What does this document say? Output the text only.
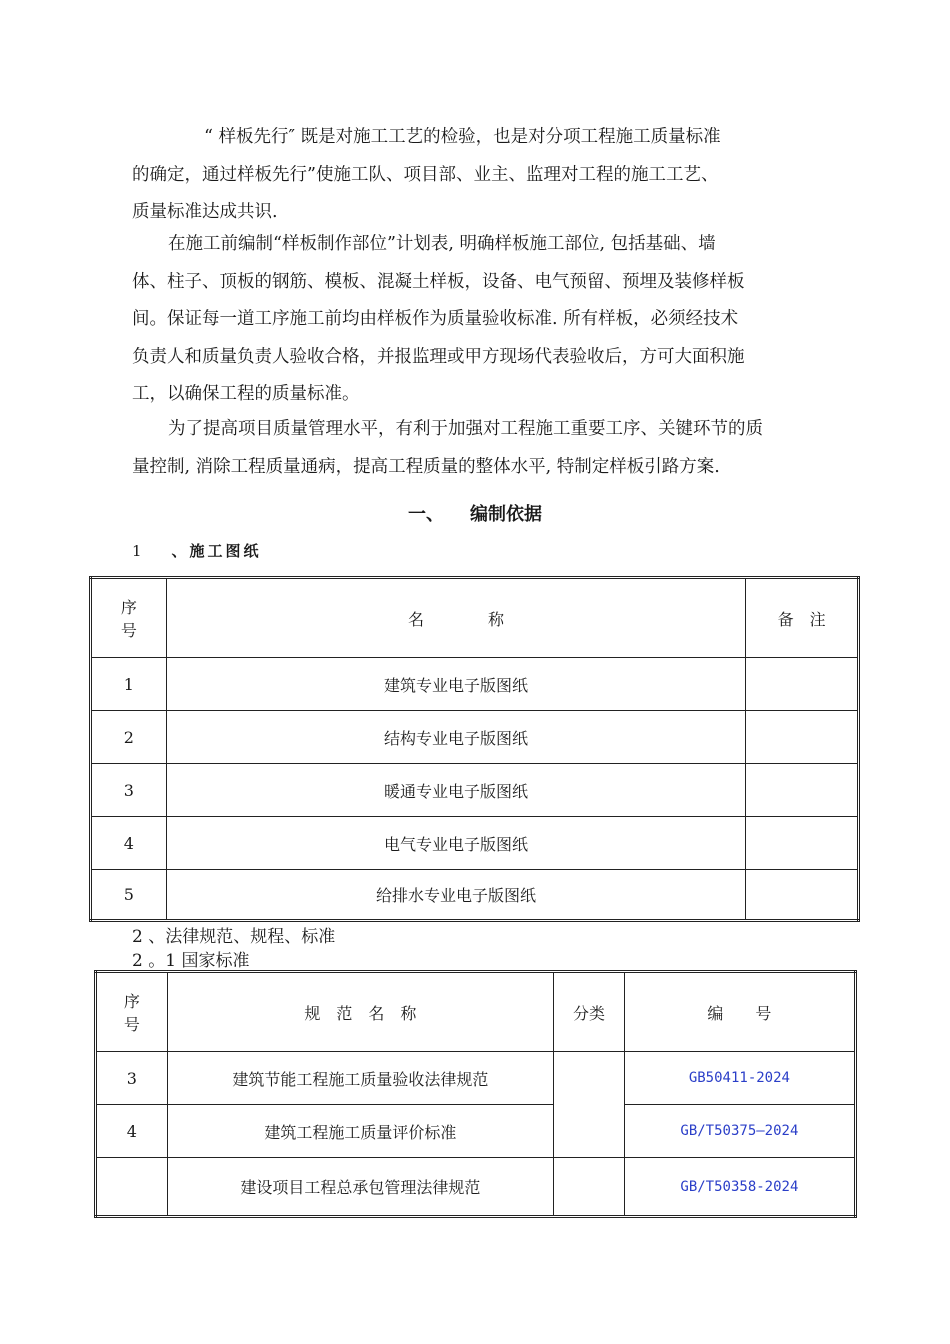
“ 样板先行″ 既是对施工工艺的检验，也是对分项工程施工质量标准
的确定，通过样板先行”使施工队、项目部、业主、监理对工程的施工工艺、
质量标准达成共识.
在施工前编制“样板制作部位”计划表, 明确样板施工部位, 包括基础、墙
体、柱子、顶板的钢筋、模板、混凝土样板，设备、电气预留、预埋及装修样板
间。保证每一道工序施工前均由样板作为质量验收标准. 所有样板，必须经技术
负责人和质量负责人验收合格，并报监理或甲方现场代表验收后，方可大面积施
工，以确保工程的质量标准。
为了提高项目质量管理水平，有利于加强对工程施工重要工序、关键环节的质
量控制, 消除工程质量通病，提高工程质量的整体水平, 特制定样板引路方案.
一、 编制依据
1 、施工图纸
序
号	名　　　　称	备　注
1	建筑专业电子版图纸	
2	结构专业电子版图纸	
3	暖通专业电子版图纸	
4	电气专业电子版图纸	
5	给排水专业电子版图纸	
2 、法律规范、规程、标准
2 。1 国家标准
序
号	规　范　名　称	分类	编　　号
3	建筑节能工程施工质量验收法律规范		GB50411-2024
4	建筑工程施工质量评价标准		GB/T50375—2024
	建设项目工程总承包管理法律规范		GB/T50358-2024
